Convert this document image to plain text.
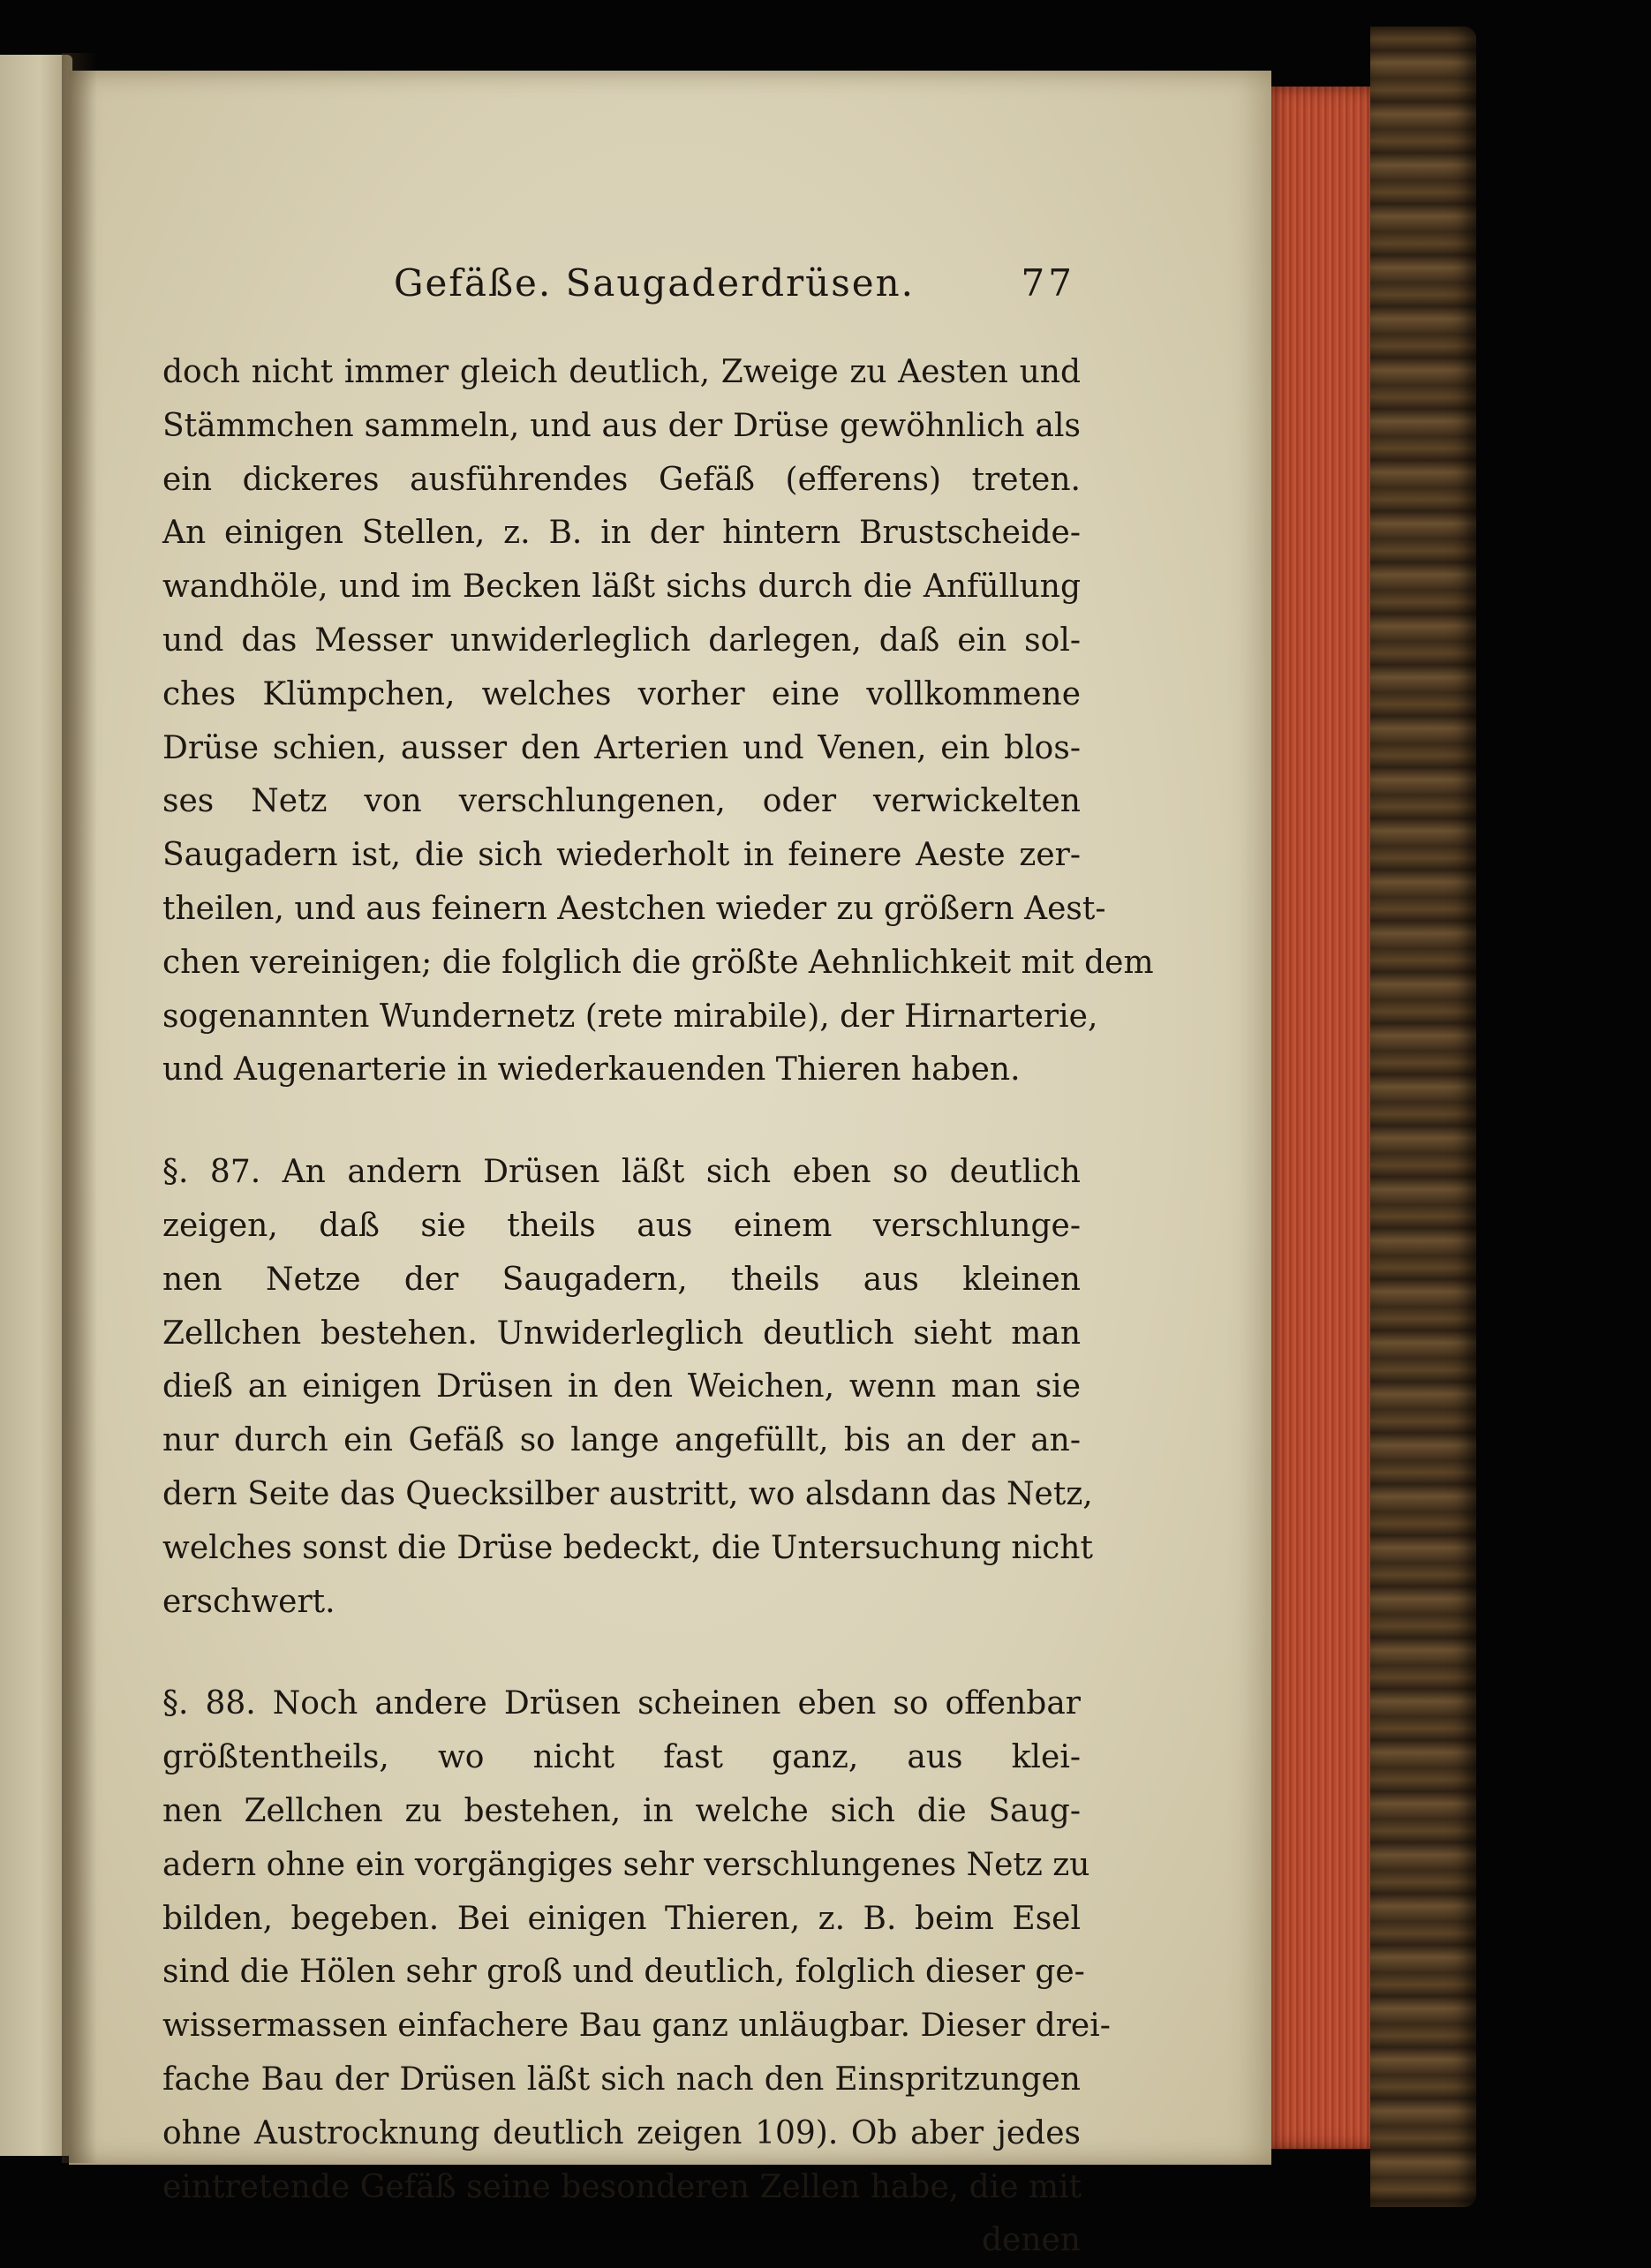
Gefäße. Saugaderdrüsen.	77
doch nicht immer gleich deutlich, Zweige zu Aesten und
Stämmchen sammeln, und aus der Drüse gewöhnlich als
ein dickeres ausführendes Gefäß (efferens) treten.
An einigen Stellen, z. B. in der hintern Brustscheide-
wandhöle, und im Becken läßt sichs durch die Anfüllung
und das Messer unwiderleglich darlegen, daß ein sol-
ches Klümpchen, welches vorher eine vollkommene
Drüse schien, ausser den Arterien und Venen, ein blos-
ses Netz von verschlungenen, oder verwickelten
Saugadern ist, die sich wiederholt in feinere Aeste zer-
theilen, und aus feinern Aestchen wieder zu größern Aest-
chen vereinigen; die folglich die größte Aehnlichkeit mit dem
sogenannten Wundernetz (rete mirabile), der Hirnarterie,
und Augenarterie in wiederkauenden Thieren haben.
§. 87. An andern Drüsen läßt sich eben so deutlich
zeigen, daß sie theils aus einem verschlunge-
nen Netze der Saugadern, theils aus kleinen
Zellchen bestehen. Unwiderleglich deutlich sieht man
dieß an einigen Drüsen in den Weichen, wenn man sie
nur durch ein Gefäß so lange angefüllt, bis an der an-
dern Seite das Quecksilber austritt, wo alsdann das Netz,
welches sonst die Drüse bedeckt, die Untersuchung nicht
erschwert.
§. 88. Noch andere Drüsen scheinen eben so offenbar
größtentheils, wo nicht fast ganz, aus klei-
nen Zellchen zu bestehen, in welche sich die Saug-
adern ohne ein vorgängiges sehr verschlungenes Netz zu
bilden, begeben. Bei einigen Thieren, z. B. beim Esel
sind die Hölen sehr groß und deutlich, folglich dieser ge-
wissermassen einfachere Bau ganz unläugbar. Dieser drei-
fache Bau der Drüsen läßt sich nach den Einspritzungen
ohne Austrocknung deutlich zeigen 109). Ob aber jedes
eintretende Gefäß seine besonderen Zellen habe, die mit
denen
